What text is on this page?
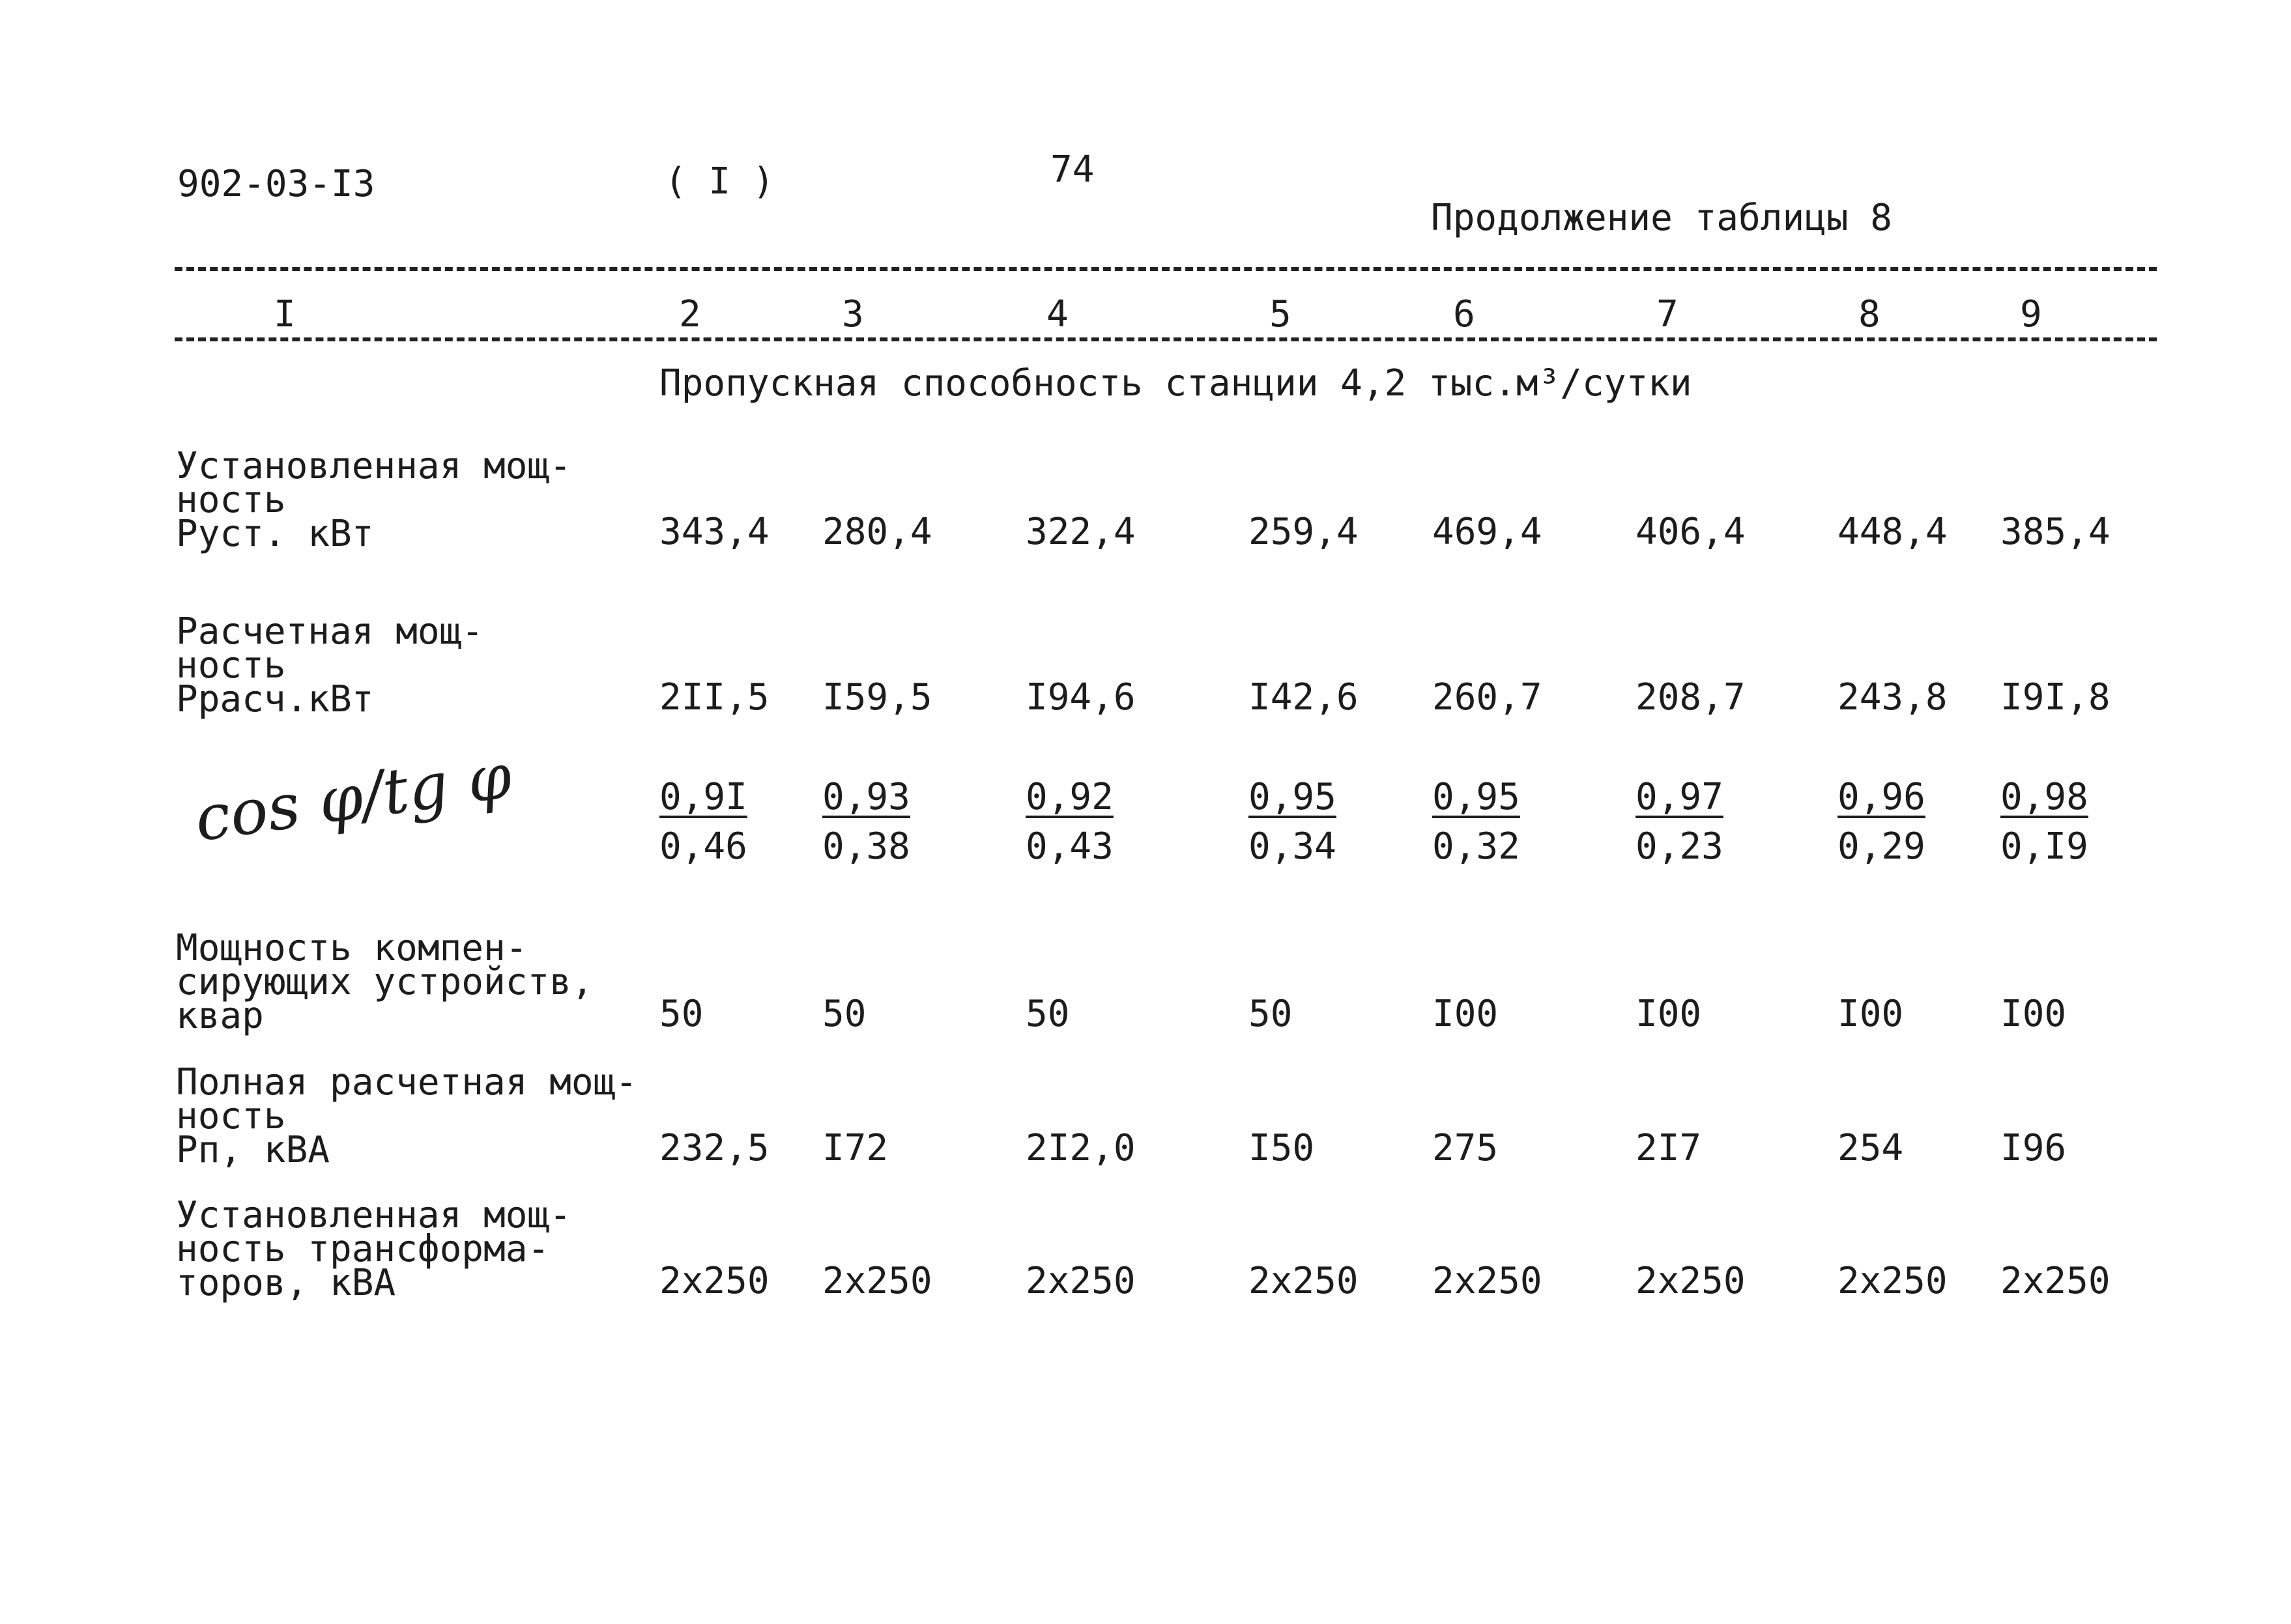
902-03-I3	( I )	74
Продолжение таблицы 8
I	2	3	4	5	6	7	8	9
Пропускная способность станции 4,2 тыс.м³/сутки
Установленная мощ-
ность
Руст. кВт	343,4 280,4	322,4	259,4 469,4	406,4	448,4 385,4
Расчетная мощ-
ность
Ррасч.кВт	2II,5 I59,5	I94,6	I42,6 260,7	208,7	243,8 I9I,8
cos φ/tg φ	$\frac{0,9I}{0,46} \frac{0,93}{0,38}$	$\frac{0,92}{0,43}$	$\frac{0,95}{0,34}$	$\frac{0,95}{0,32}$	$\frac{0,97}{0,23}$	$\frac{0,96}{0,29} \frac{0,98}{0,I9}$
Мощность компен-
сирующих устройств,
квар	50	50	50	50	I00	I00	I00	I00
Полная расчетная мощ-
ность
Рп, кВА	232,5 I72	2I2,0	I50	275	2I7	254	I96
Установленная мощ-
ность трансформа-
торов, кВА	2х250 2х250	2х250	2х250 2х250	2х250	2х250 2х250
